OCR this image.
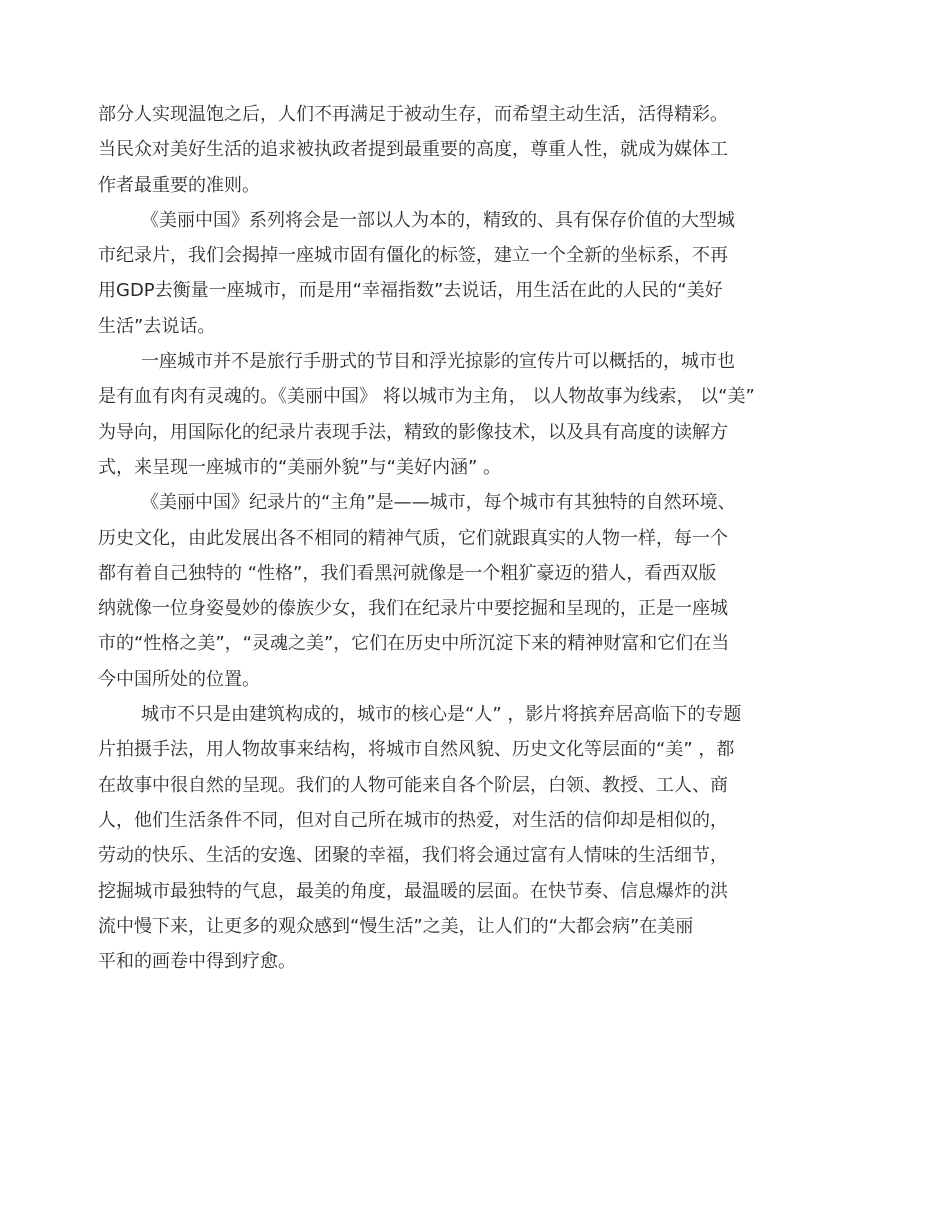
部分人实现温饱之后，人们不再满足于被动生存，而希望主动生活，活得精彩。
当民众对美好生活的追求被执政者提到最重要的高度，尊重人性，就成为媒体工
作者最重要的准则。
《美丽中国》系列将会是一部以人为本的，精致的、具有保存价值的大型城
市纪录片，我们会揭掉一座城市固有僵化的标签，建立一个全新的坐标系，不再
用GDP去衡量一座城市，而是用“幸福指数”去说话，用生活在此的人民的“美好
生活”去说话。
一座城市并不是旅行手册式的节目和浮光掠影的宣传片可以概括的，城市也
是有血有肉有灵魂的。《美丽中国》 将以城市为主角， 以人物故事为线索， 以“美”
为导向，用国际化的纪录片表现手法，精致的影像技术，以及具有高度的读解方
式，来呈现一座城市的“美丽外貌”与“美好内涵” 。
《美丽中国》纪录片的“主角”是——城市，每个城市有其独特的自然环境、
历史文化，由此发展出各不相同的精神气质，它们就跟真实的人物一样，每一个
都有着自己独特的 “性格”，我们看黑河就像是一个粗犷豪迈的猎人，看西双版
纳就像一位身姿曼妙的傣族少女，我们在纪录片中要挖掘和呈现的，正是一座城
市的“性格之美”，“灵魂之美”，它们在历史中所沉淀下来的精神财富和它们在当
今中国所处的位置。
城市不只是由建筑构成的，城市的核心是“人” ，影片将摈弃居高临下的专题
片拍摄手法，用人物故事来结构，将城市自然风貌、历史文化等层面的“美” ，都
在故事中很自然的呈现。我们的人物可能来自各个阶层，白领、教授、工人、商
人，他们生活条件不同，但对自己所在城市的热爱，对生活的信仰却是相似的，
劳动的快乐、生活的安逸、团聚的幸福，我们将会通过富有人情味的生活细节，
挖掘城市最独特的气息，最美的角度，最温暖的层面。在快节奏、信息爆炸的洪
流中慢下来，让更多的观众感到“慢生活”之美，让人们的“大都会病”在美丽
平和的画卷中得到疗愈。
